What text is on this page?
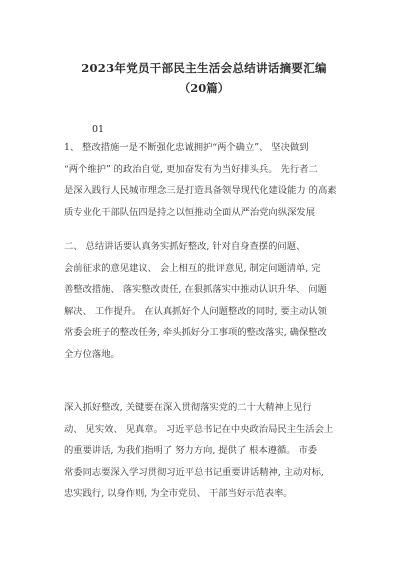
2023年党员干部民主生活会总结讲话摘要汇编
（20篇）
01
1、 整改措施一是不断强化忠诚拥护“两个确立”、 坚决做到
“两个维护” 的政治自觉, 更加奋发有为当好排头兵。 先行者二
是深入践行人民城市理念三是打造具备领导现代化建设能力 的高素
质专业化干部队伍四是持之以恒推动全面从严治党向纵深发展
二、 总结讲话要认真务实抓好整改, 针对自身查摆的问题、
会前征求的意见建议、 会上相互的批评意见, 制定问题清单, 完
善整改措施、 落实整改责任, 在狠抓落实中推动认识升华、 问题
解决、 工作提升。 在认真抓好个人问题整改的同时, 要主动认领
常委会班子的整改任务, 牵头抓好分工事项的整改落实, 确保整改
全方位落地。
深入抓好整改, 关键要在深入贯彻落实党的二十大精神上见行
动、 见实效、 见真章。 习近平总书记在中央政治局民主生活会上
的重要讲话, 为我们指明了 努力方向, 提供了 根本遵循。 市委
常委同志要深入学习贯彻习近平总书记重要讲话精神, 主动对标,
忠实践行, 以身作则, 为全市党员、 干部当好示范表率。
